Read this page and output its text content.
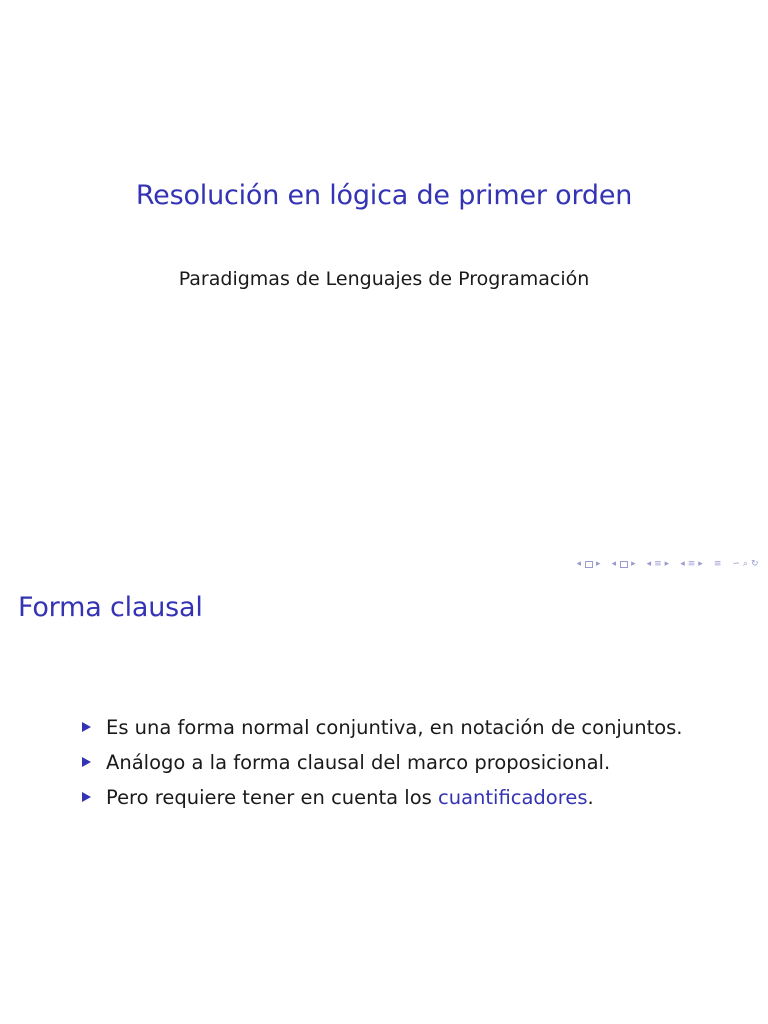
Resolución en lógica de primer orden
Paradigmas de Lenguajes de Programación
◂ ▸ ◂ ▸ ◂ ≡ ▸ ◂ ≡ ▸ ≡ ∽ ⌕ ↻
Forma clausal
Es una forma normal conjuntiva, en notación de conjuntos.
Análogo a la forma clausal del marco proposicional.
Pero requiere tener en cuenta los cuantificadores.
